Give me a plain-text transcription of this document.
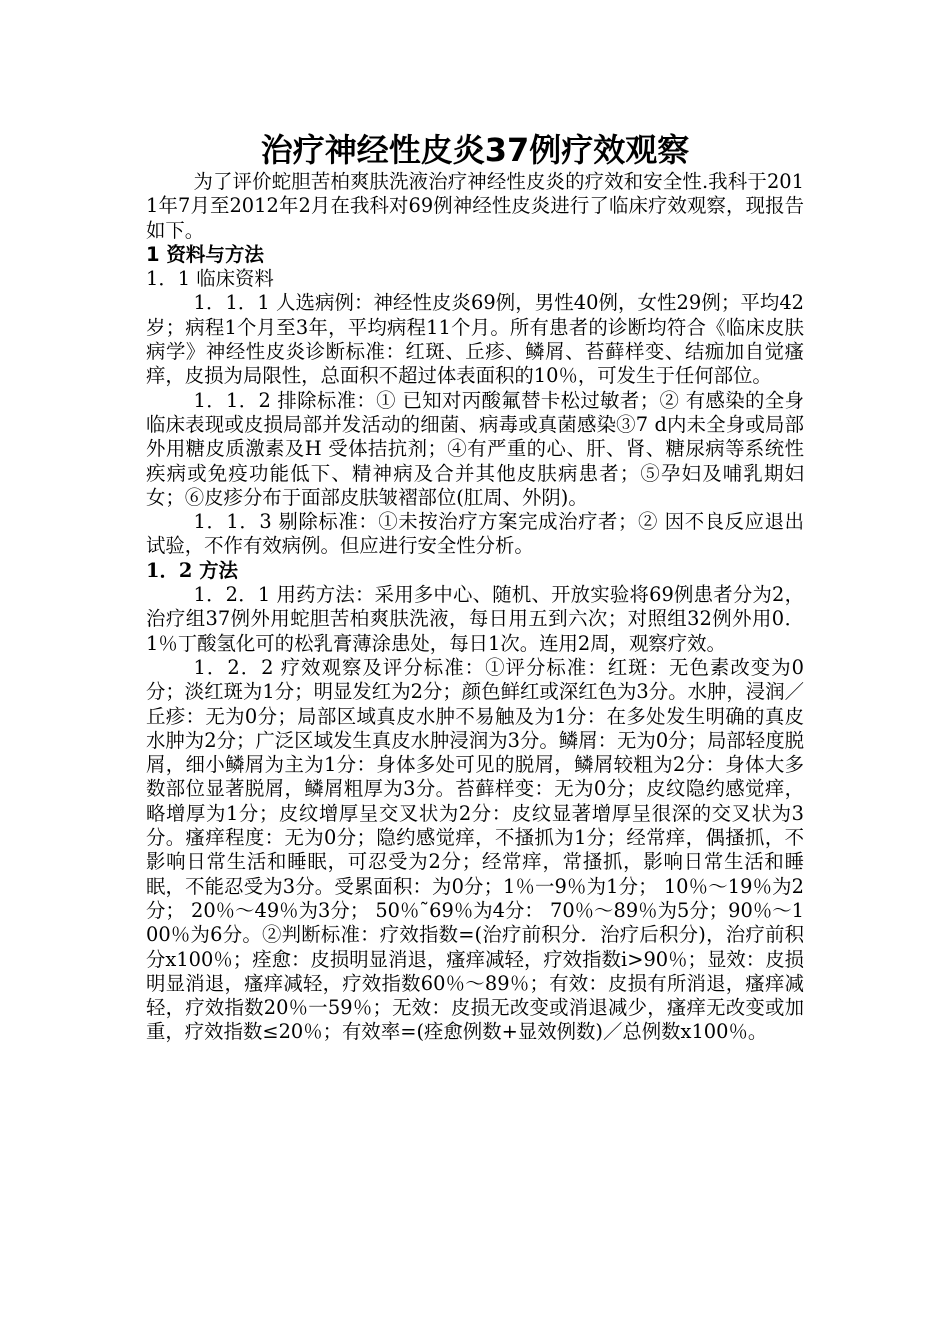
治疗神经性皮炎37例疗效观察

为了评价蛇胆苦柏爽肤洗液治疗神经性皮炎的疗效和安全性.我科于2011年7月至2012年2月在我科对69例神经性皮炎进行了临床疗效观察，现报告如下。

1 资料与方法

1．1 临床资料

1．1．1 人选病例：神经性皮炎69例，男性40例，女性29例；平均42岁；病程1个月至3年，平均病程11个月。所有患者的诊断均符合《临床皮肤病学》神经性皮炎诊断标准：红斑、丘疹、鳞屑、苔藓样变、结痂加自觉瘙痒，皮损为局限性，总面积不超过体表面积的10％，可发生于任何部位。

1．1．2 排除标准：① 已知对丙酸氟替卡松过敏者；② 有感染的全身临床表现或皮损局部并发活动的细菌、病毒或真菌感染③7 d内未全身或局部外用糖皮质激素及H 受体拮抗剂；④有严重的心、肝、肾、糖尿病等系统性疾病或免疫功能低下、精神病及合并其他皮肤病患者；⑤孕妇及哺乳期妇女；⑥皮疹分布于面部皮肤皱褶部位(肛周、外阴)。

1．1．3 剔除标准：①未按治疗方案完成治疗者；② 因不良反应退出试验，不作有效病例。但应进行安全性分析。

1．2 方法

1．2．1 用药方法：采用多中心、随机、开放实验将69例患者分为2，治疗组37例外用蛇胆苦柏爽肤洗液，每日用五到六次；对照组32例外用0．1％丁酸氢化可的松乳膏薄涂患处，每日1次。连用2周，观察疗效。

1．2．2 疗效观察及评分标准：①评分标准：红斑：无色素改变为0分；淡红斑为1分；明显发红为2分；颜色鲜红或深红色为3分。水肿，浸润／丘疹：无为0分；局部区域真皮水肿不易触及为1分：在多处发生明确的真皮水肿为2分；广泛区域发生真皮水肿浸润为3分。鳞屑：无为0分；局部轻度脱屑，细小鳞屑为主为1分：身体多处可见的脱屑，鳞屑较粗为2分：身体大多数部位显著脱屑，鳞屑粗厚为3分。苔藓样变：无为0分；皮纹隐约感觉痒，略增厚为1分；皮纹增厚呈交叉状为2分：皮纹显著增厚呈很深的交叉状为3分。瘙痒程度：无为0分；隐约感觉痒，不搔抓为1分；经常痒，偶搔抓，不影响日常生活和睡眠，可忍受为2分；经常痒，常搔抓，影响日常生活和睡眠，不能忍受为3分。受累面积：为0分；1％一9％为1分； 10％～19％为2分； 20％～49％为3分； 50％˜69％为4分： 70％～89％为5分；90％～100％为6分。②判断标准：疗效指数=(治疗前积分．治疗后积分)，治疗前积分x100％；痊愈：皮损明显消退，瘙痒减轻，疗效指数i>90％；显效：皮损明显消退，瘙痒减轻，疗效指数60％～89％；有效：皮损有所消退，瘙痒减轻，疗效指数20％一59％；无效：皮损无改变或消退减少，瘙痒无改变或加重，疗效指数≤20％；有效率=(痊愈例数+显效例数)／总例数x100％。
